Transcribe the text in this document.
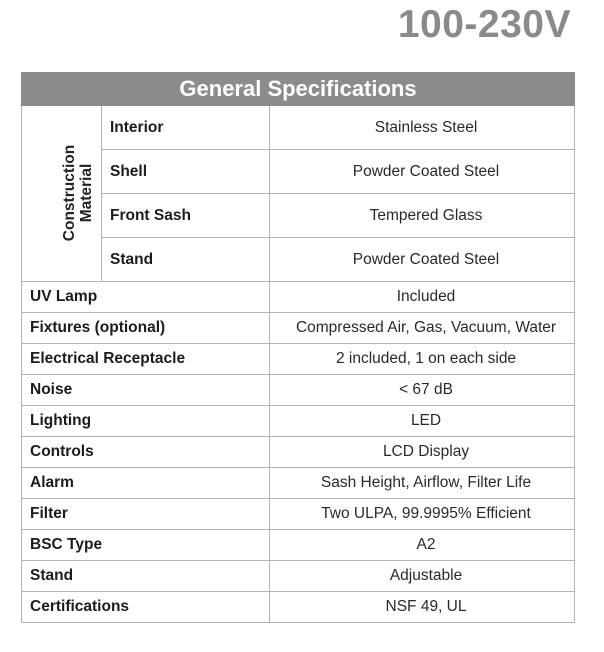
100-230V
General Specifications		
Construction
Material	Interior	Stainless Steel
	Shell	Powder Coated Steel
	Front Sash	Tempered Glass
	Stand	Powder Coated Steel
UV Lamp		Included
Fixtures (optional)		Compressed Air, Gas, Vacuum, Water
Electrical Receptacle		2 included, 1 on each side
Noise		< 67 dB
Lighting		LED
Controls		LCD Display
Alarm		Sash Height, Airflow, Filter Life
Filter		Two ULPA, 99.9995% Efficient
BSC Type		A2
Stand		Adjustable
Certifications		NSF 49, UL
